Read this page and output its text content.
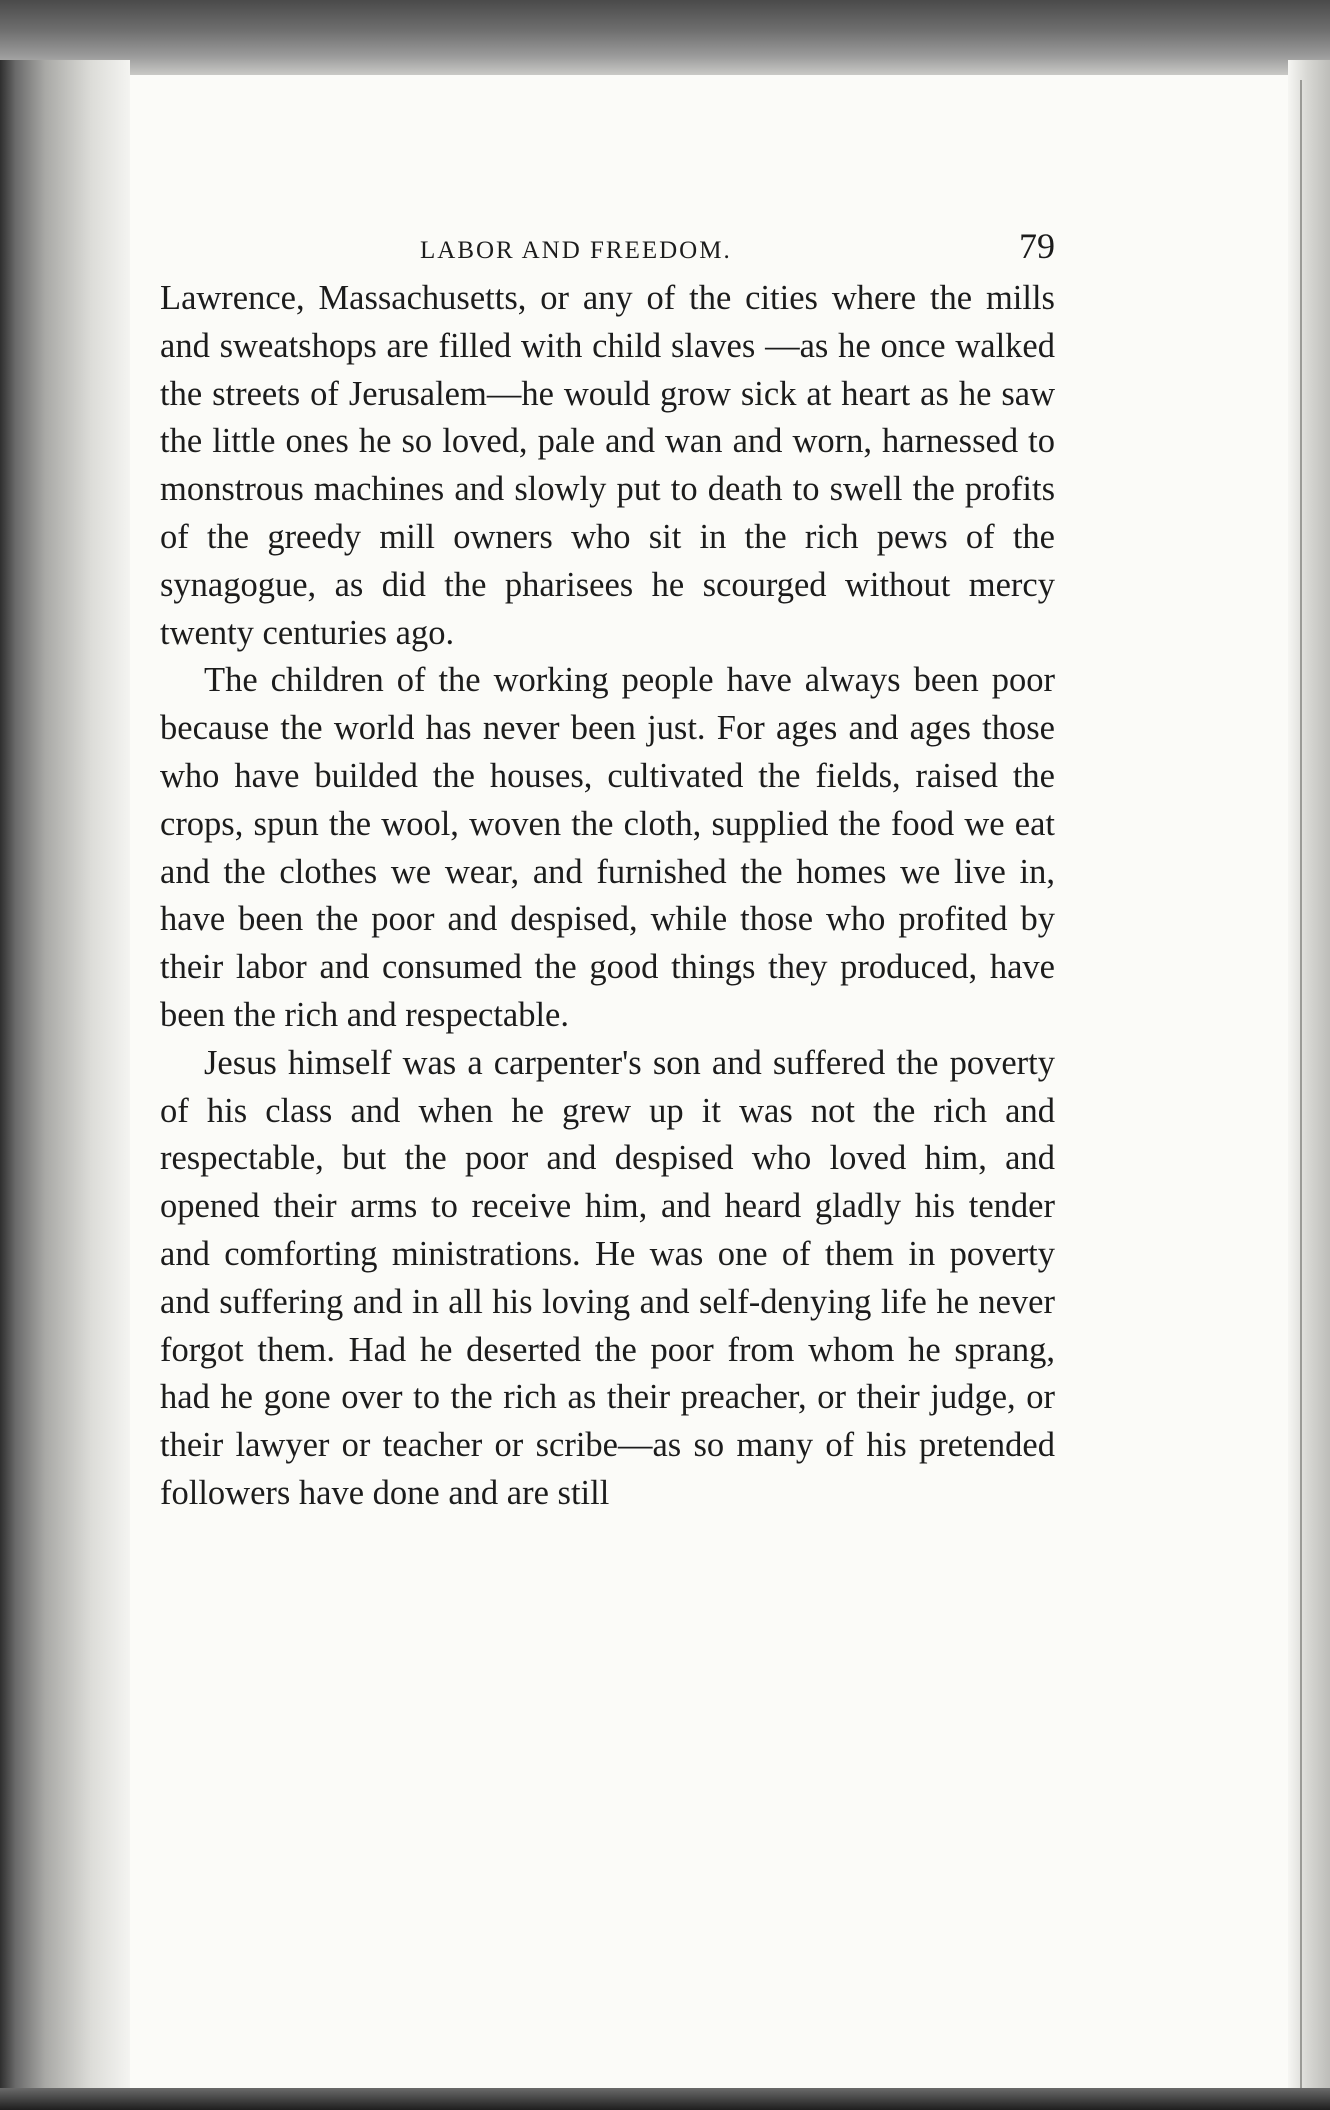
LABOR AND FREEDOM.	79

Lawrence, Massachusetts, or any of the cities where the mills and sweatshops are filled with child slaves —as he once walked the streets of Jerusalem—he would grow sick at heart as he saw the little ones he so loved, pale and wan and worn, harnessed to monstrous machines and slowly put to death to swell the profits of the greedy mill owners who sit in the rich pews of the synagogue, as did the pharisees he scourged without mercy twenty centuries ago.

The children of the working people have always been poor because the world has never been just. For ages and ages those who have builded the houses, cultivated the fields, raised the crops, spun the wool, woven the cloth, supplied the food we eat and the clothes we wear, and furnished the homes we live in, have been the poor and despised, while those who profited by their labor and consumed the good things they produced, have been the rich and respectable.

Jesus himself was a carpenter's son and suffered the poverty of his class and when he grew up it was not the rich and respectable, but the poor and despised who loved him, and opened their arms to receive him, and heard gladly his tender and comforting ministrations. He was one of them in poverty and suffering and in all his loving and self-denying life he never forgot them. Had he deserted the poor from whom he sprang, had he gone over to the rich as their preacher, or their judge, or their lawyer or teacher or scribe—as so many of his pretended followers have done and are still
